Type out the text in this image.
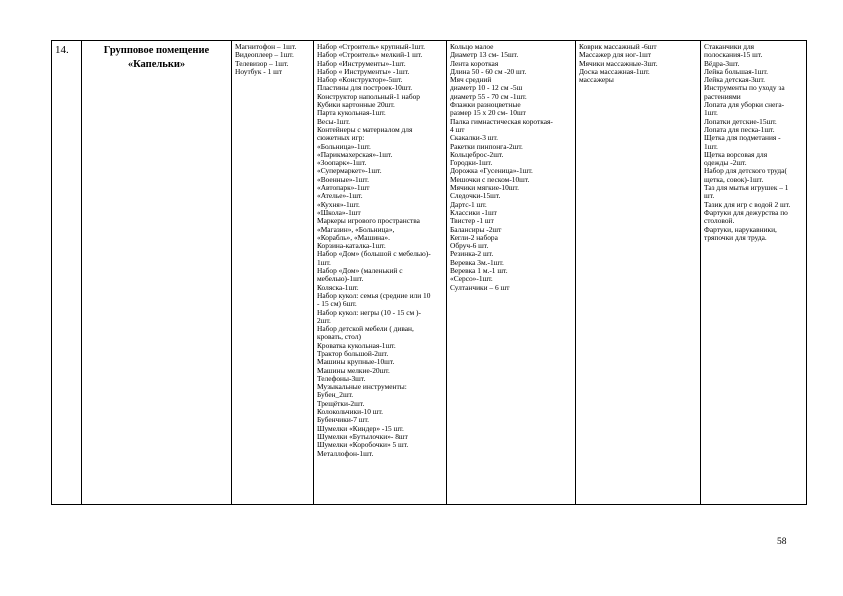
14.	Групповое помещение
«Капельки»

Магнитофон – 1шт.
Видеоплеер – 1шт.
Телевизор – 1шт.
Ноутбук - 1 шт

Набор «Строитель» крупный-1шт.
Набор «Строитель» мелкий-1 шт.
Набор «Инструменты»-1шт.
Набор « Инструменты» -1шт.
Набор «Конструктор»-5шт.
Пластины для построек-10шт.
Конструктор напольный-1 набор
Кубики картонные 20шт.
Парта кукольная-1шт.
Весы-1шт.
Контейнеры с материалом для
сюжетных игр:
«Больница»-1шт.
«Парикмахерская»-1шт.
«Зоопарк»-1шт.
«Супермаркет»-1шт.
«Военные»-1шт.
«Автопарк»-1шт
«Ателье»-1шт.
«Кухня»-1шт.
«Школа»-1шт
Маркеры игрового пространства
«Магазин», «Больница»,
«Корабль», «Машина».
Корзина-каталка-1шт.
Набор «Дом» (большой с мебелью)-
1шт.
Набор «Дом» (маленький с
мебелью)-1шт.
Коляска-1шт.
Набор кукол: семья (средние или 10
- 15 см) 6шт.
Набор кукол: негры (10 - 15 см )-
2шт.
Набор детской мебели ( диван,
кровать, стол)
Кроватка кукольная-1шт.
Трактор большой-2шт.
Машины крупные-10шт.
Машины мелкие-20шт.
Телефоны-3шт.
Музыкальные инструменты:
Бубен_2шт.
Трещётки-2шт.
Колокольчики-10 шт.
Бубенчики-7 шт.
Шумелки «Киндер» -15 шт.
Шумелки «Бутылочки»- 8шт
Шумелки «Коробочки» 5 шт.
Металлофон-1шт.

Кольцо малое
Диаметр 13 см- 15шт.
Лента короткая
Длина 50 - 60 см -20 шт.
Мяч средний
диаметр 10 - 12 см -5ш
диаметр 55 - 70 см -1шт.
Флажки разноцветные
размер 15 х 20 см- 10шт
Палка гимнастическая короткая-
4 шт
Скакалки-3 шт.
Ракетки пинпонга-2шт.
Кольцеброс-2шт.
Городки-1шт.
Дорожка «Гусеница»-1шт.
Мешочки с песком-10шт.
Мячики мягкие-10шт.
Следочки-15шт.
Дартс-1 шт.
Классики -1шт
Твистер -1 шт
Балансиры -2шт
Кегли-2 набора
Обруч-6 шт.
Резинка-2 шт.
Веревка 3м.-1шт.
Веревка 1 м.-1 шт.
«Серсо»-1шт.
Султанчики – 6 шт

Коврик массажный -6шт
Массажер для ног-1шт
Мячики массажные-3шт.
Доска массажная-1шт.
массажеры

Стаканчики для
полоскания-15 шт.
Вёдра-3шт.
Лейка большая-1шт.
Лейка детская-3шт.
Инструменты по уходу за
растениями
Лопата для уборки снега-
1шт.
Лопатки детские-15шт.
Лопата для песка-1шт.
Щетка для подметания -
1шт.
Щетка ворсовая для
одежды -2шт.
Набор для детского труда(
щетка, совок)-1шт.
Таз для мытья игрушек – 1
шт.
Тазик для игр с водой 2 шт.
Фартуки для дежурства по
столовой.
Фартуки, нарукавники,
тряпочки для труда.
58
